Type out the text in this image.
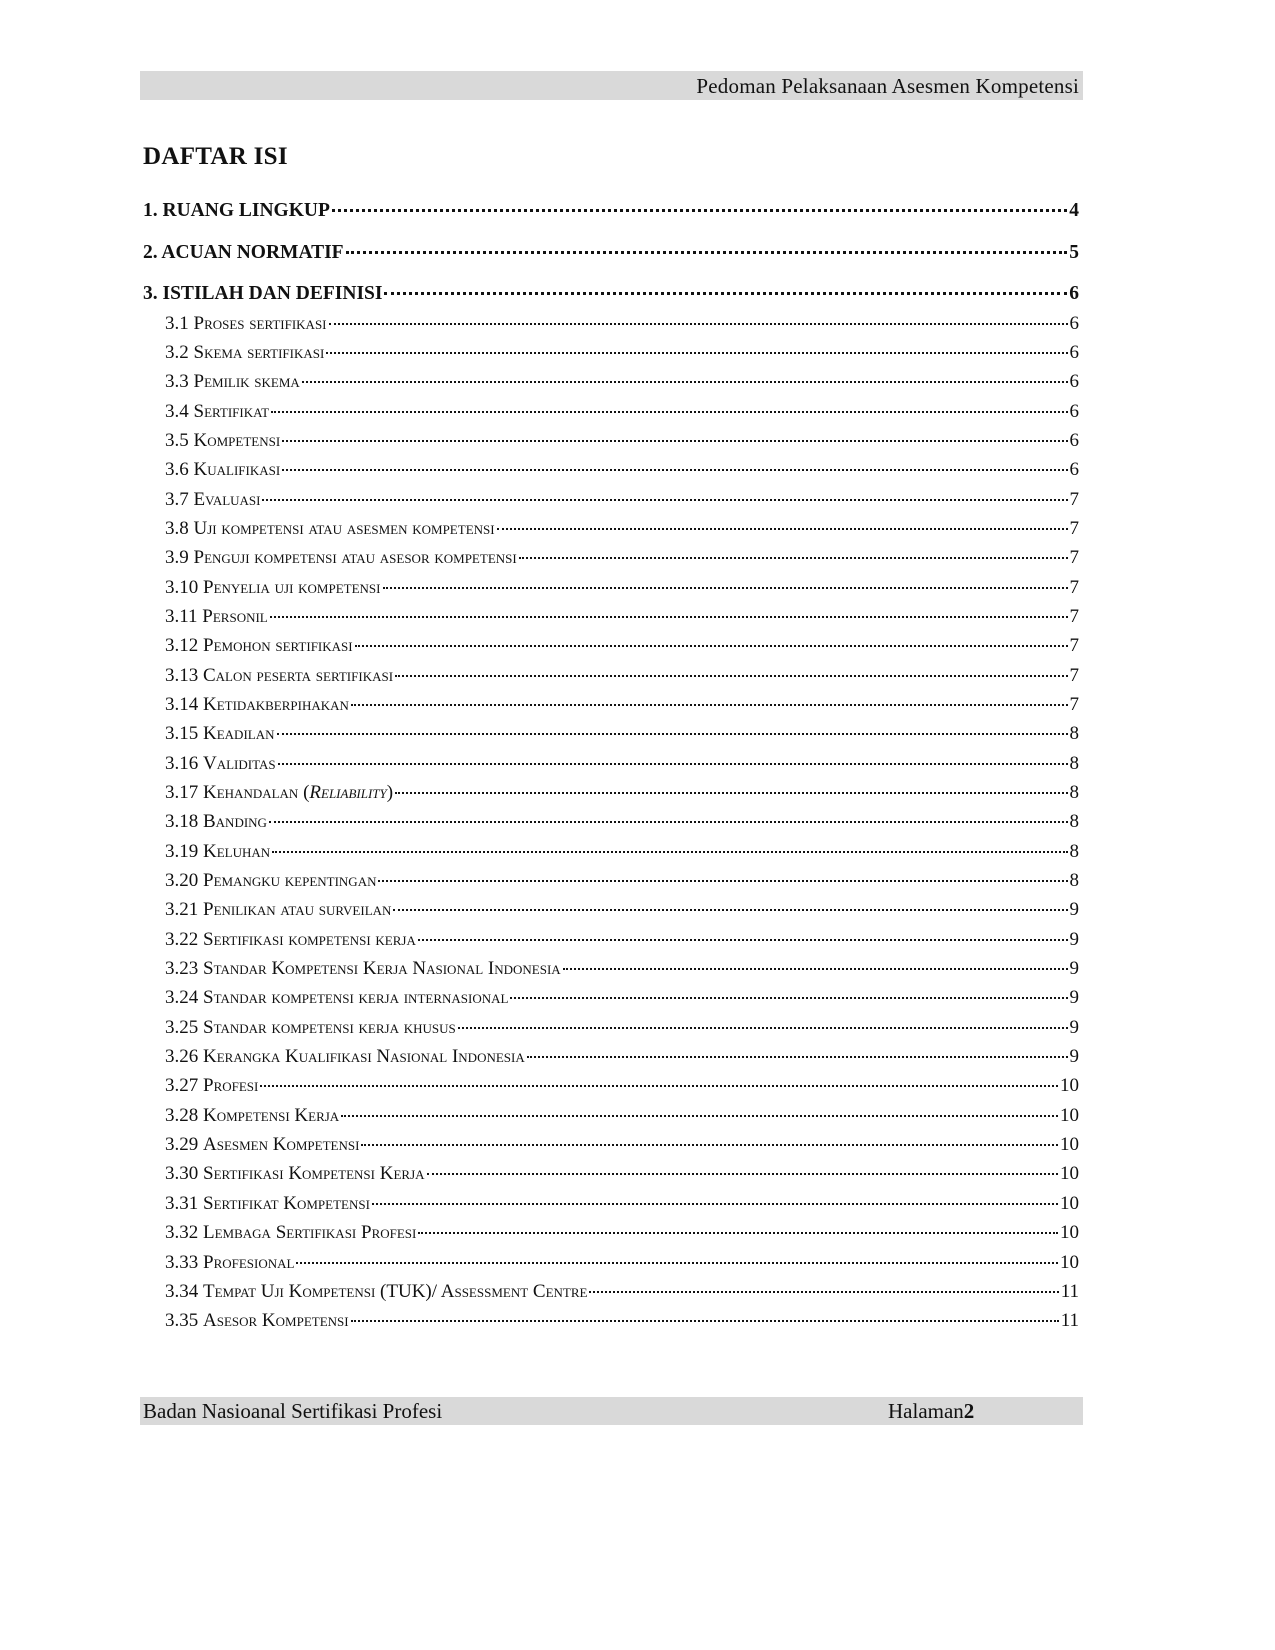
Pedoman Pelaksanaan Asesmen Kompetensi
DAFTAR ISI
1. RUANG LINGKUP	4
2. ACUAN NORMATIF	5
3. ISTILAH DAN DEFINISI	6
3.1 Proses sertifikasi	6
3.2 Skema sertifikasi	6
3.3 Pemilik skema	6
3.4 Sertifikat	6
3.5 Kompetensi	6
3.6 Kualifikasi	6
3.7 Evaluasi	7
3.8 Uji kompetensi atau asesmen kompetensi	7
3.9 Penguji kompetensi atau asesor kompetensi	7
3.10 Penyelia uji kompetensi	7
3.11 Personil	7
3.12 Pemohon sertifikasi	7
3.13 Calon peserta sertifikasi	7
3.14 Ketidakberpihakan	7
3.15 Keadilan	8
3.16 Validitas	8
3.17 Kehandalan (Reliability)	8
3.18 Banding	8
3.19 Keluhan	8
3.20 Pemangku kepentingan	8
3.21 Penilikan atau surveilan	9
3.22 Sertifikasi kompetensi kerja	9
3.23 Standar Kompetensi Kerja Nasional Indonesia	9
3.24 Standar kompetensi kerja internasional	9
3.25 Standar kompetensi kerja khusus	9
3.26 Kerangka Kualifikasi Nasional Indonesia	9
3.27 Profesi	10
3.28 Kompetensi Kerja	10
3.29 Asesmen Kompetensi	10
3.30 Sertifikasi Kompetensi Kerja	10
3.31 Sertifikat Kompetensi	10
3.32 Lembaga Sertifikasi Profesi	10
3.33 Profesional	10
3.34 Tempat Uji Kompetensi (TUK)/ Assessment Centre	11
3.35 Asesor Kompetensi	11
Badan Nasioanal Sertifikasi Profesi	Halaman2
